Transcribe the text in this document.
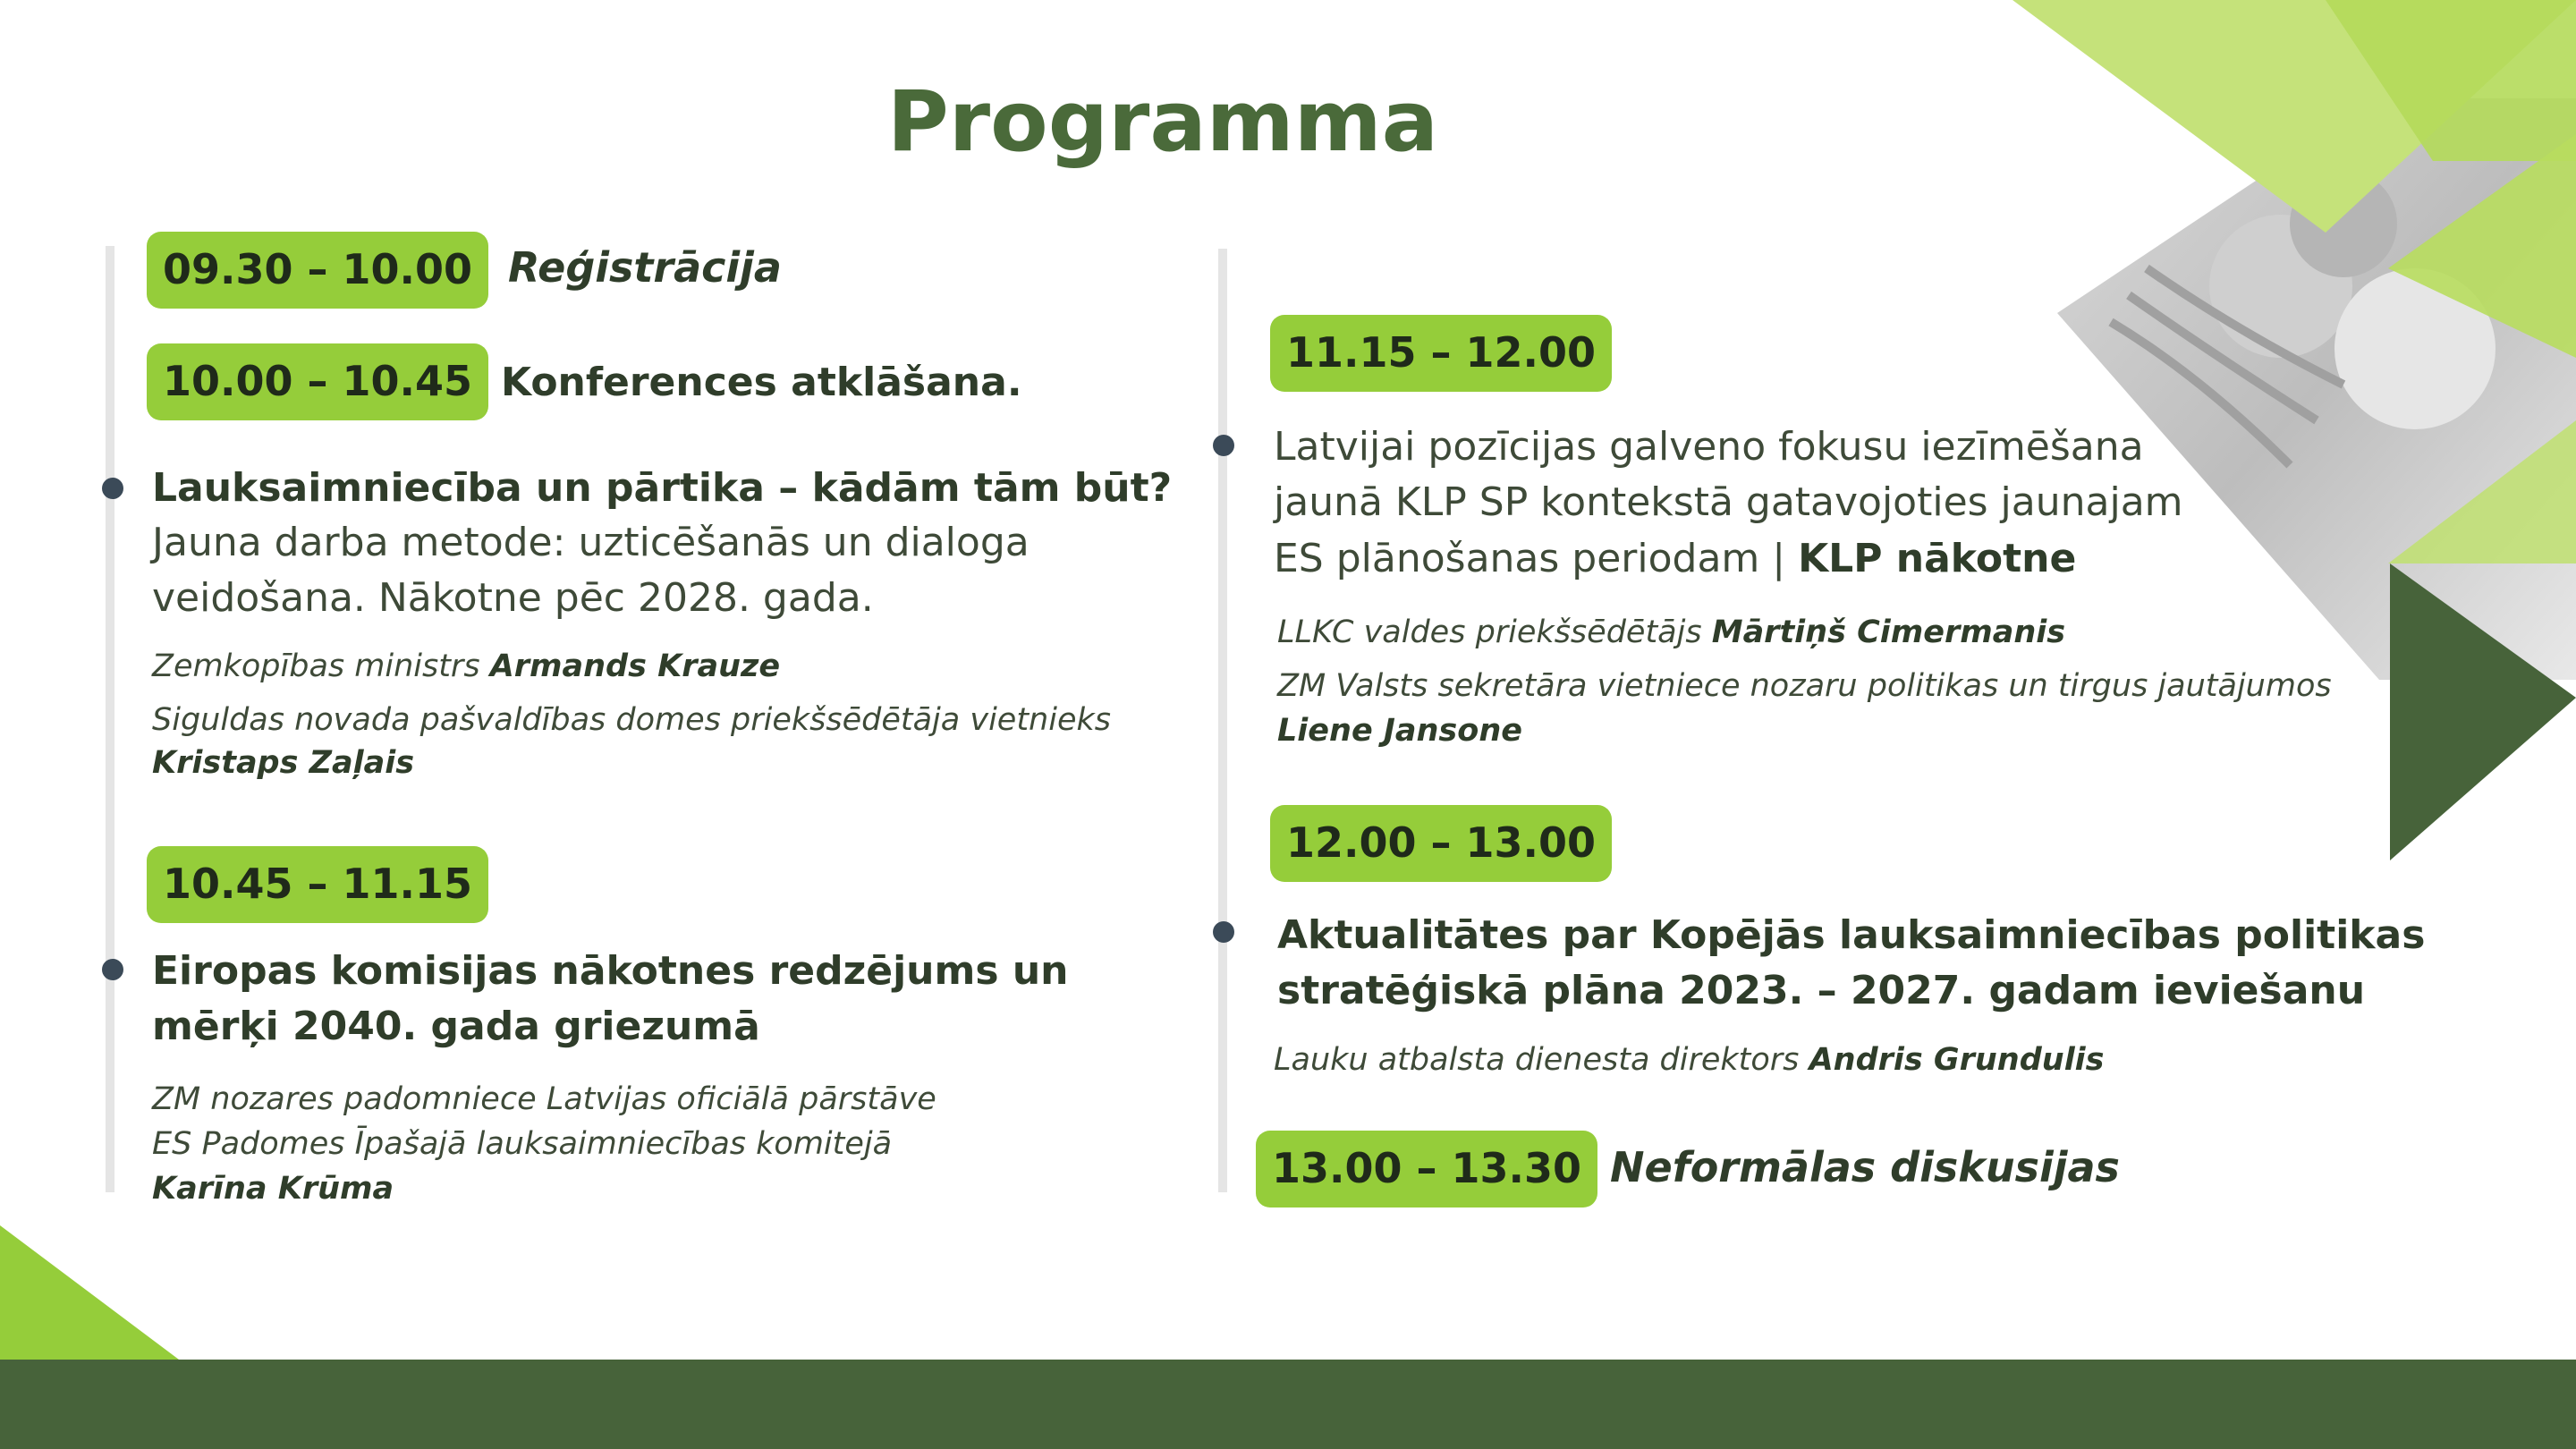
Programma
09.30 – 10.00 Reģistrācija
10.00 – 10.45 Konferences atklāšana.
Lauksaimniecība un pārtika – kādām tām būt?
Jauna darba metode: uzticēšanās un dialoga
veidošana. Nākotne pēc 2028. gada.
Zemkopības ministrs Armands Krauze
Siguldas novada pašvaldības domes priekšsēdētāja vietnieks
Kristaps Zaļais
10.45 – 11.15
Eiropas komisijas nākotnes redzējums un
mērķi 2040. gada griezumā
ZM nozares padomniece Latvijas oficiālā pārstāve
ES Padomes Īpašajā lauksaimniecības komitejā
Karīna Krūma
11.15 – 12.00
Latvijai pozīcijas galveno fokusu iezīmēšana
jaunā KLP SP kontekstā gatavojoties jaunajam
ES plānošanas periodam | KLP nākotne
LLKC valdes priekšsēdētājs Mārtiņš Cimermanis
ZM Valsts sekretāra vietniece nozaru politikas un tirgus jautājumos
Liene Jansone
12.00 – 13.00
Aktualitātes par Kopējās lauksaimniecības politikas
stratēģiskā plāna 2023. – 2027. gadam ieviešanu
Lauku atbalsta dienesta direktors Andris Grundulis
13.00 – 13.30 Neformālas diskusijas
